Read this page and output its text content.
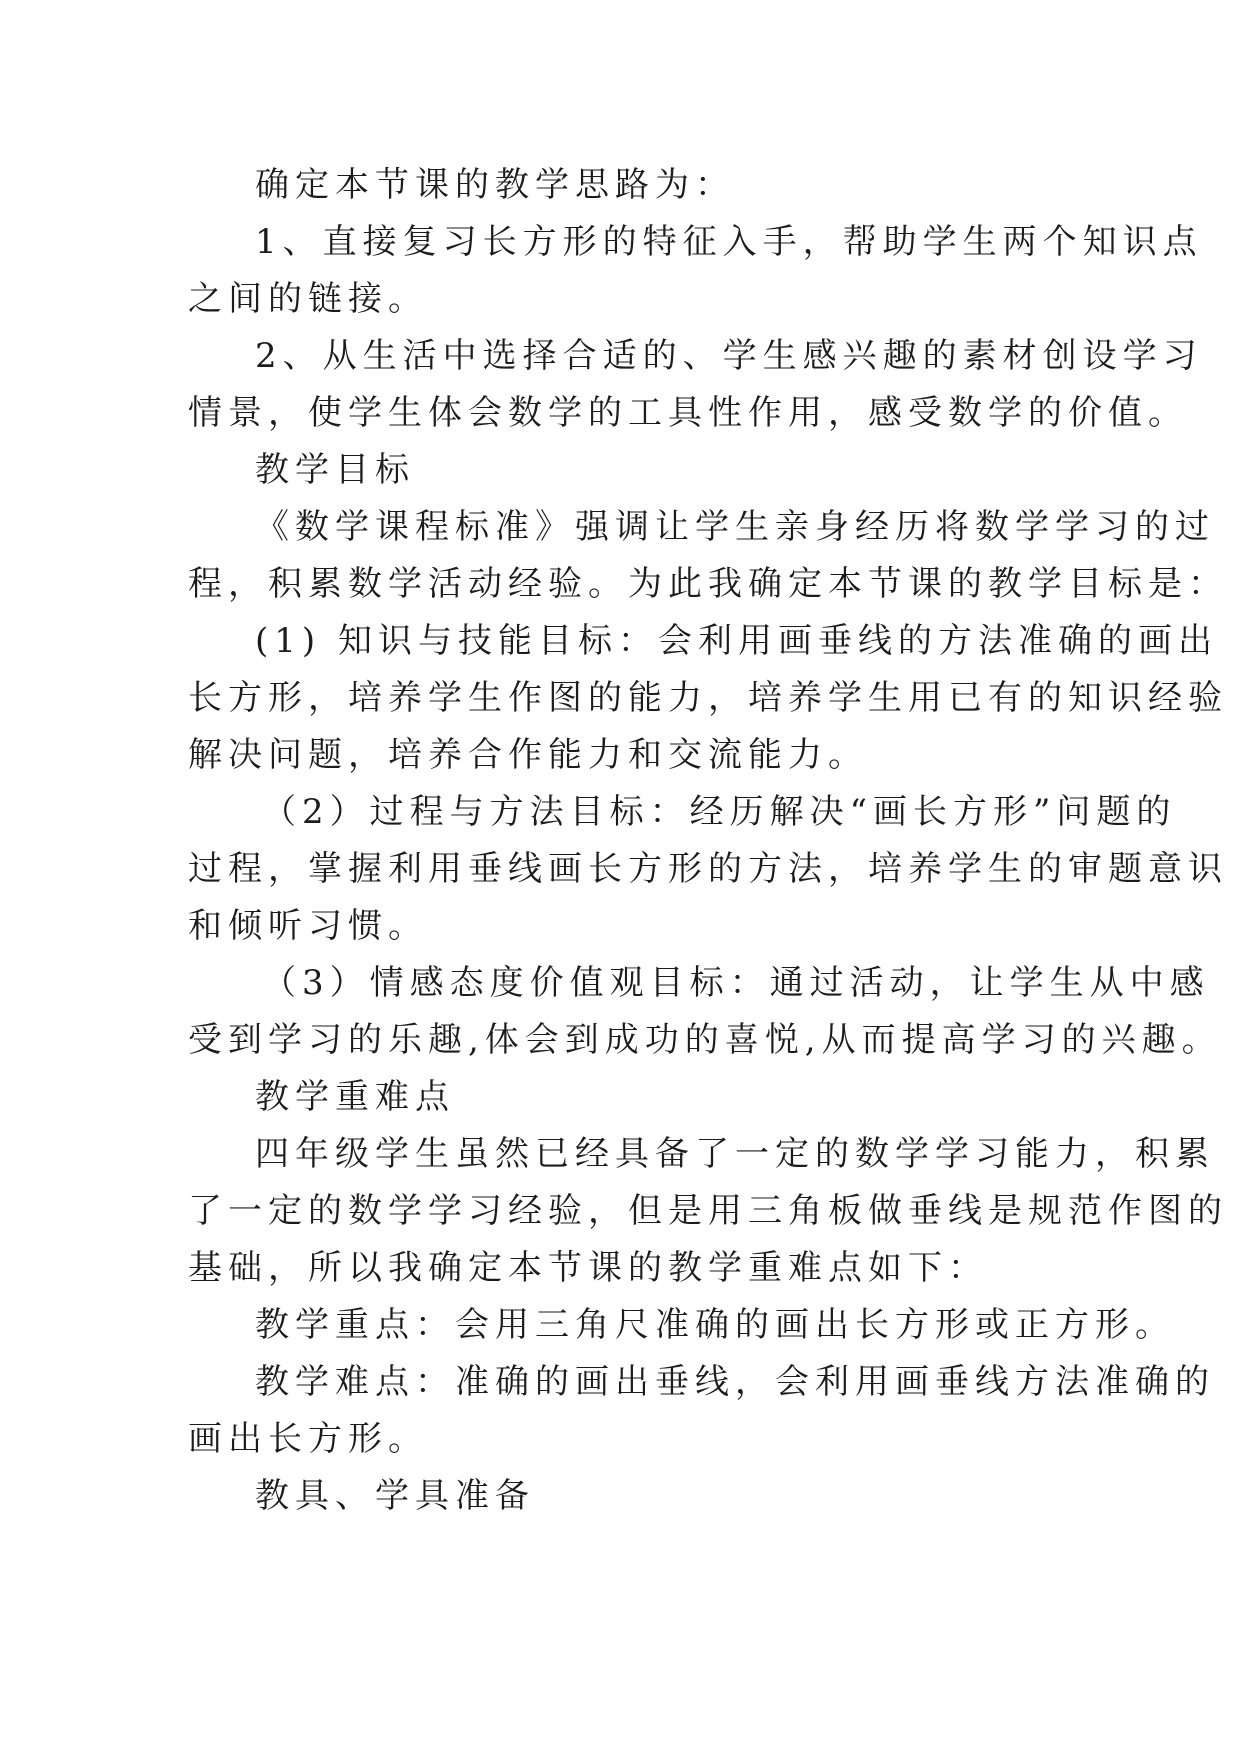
确定本节课的教学思路为：
1、直接复习长方形的特征入手，帮助学生两个知识点
之间的链接。
2、从生活中选择合适的、学生感兴趣的素材创设学习
情景，使学生体会数学的工具性作用，感受数学的价值。
教学目标
《数学课程标准》强调让学生亲身经历将数学学习的过
程，积累数学活动经验。为此我确定本节课的教学目标是：
(1) 知识与技能目标：会利用画垂线的方法准确的画出
长方形，培养学生作图的能力，培养学生用已有的知识经验
解决问题，培养合作能力和交流能力。
（2）过程与方法目标：经历解决“画长方形”问题的
过程，掌握利用垂线画长方形的方法，培养学生的审题意识
和倾听习惯。
（3）情感态度价值观目标：通过活动，让学生从中感
受到学习的乐趣,体会到成功的喜悦,从而提高学习的兴趣。
教学重难点
四年级学生虽然已经具备了一定的数学学习能力，积累
了一定的数学学习经验，但是用三角板做垂线是规范作图的
基础，所以我确定本节课的教学重难点如下：
教学重点：会用三角尺准确的画出长方形或正方形。
教学难点：准确的画出垂线，会利用画垂线方法准确的
画出长方形。
教具、学具准备
